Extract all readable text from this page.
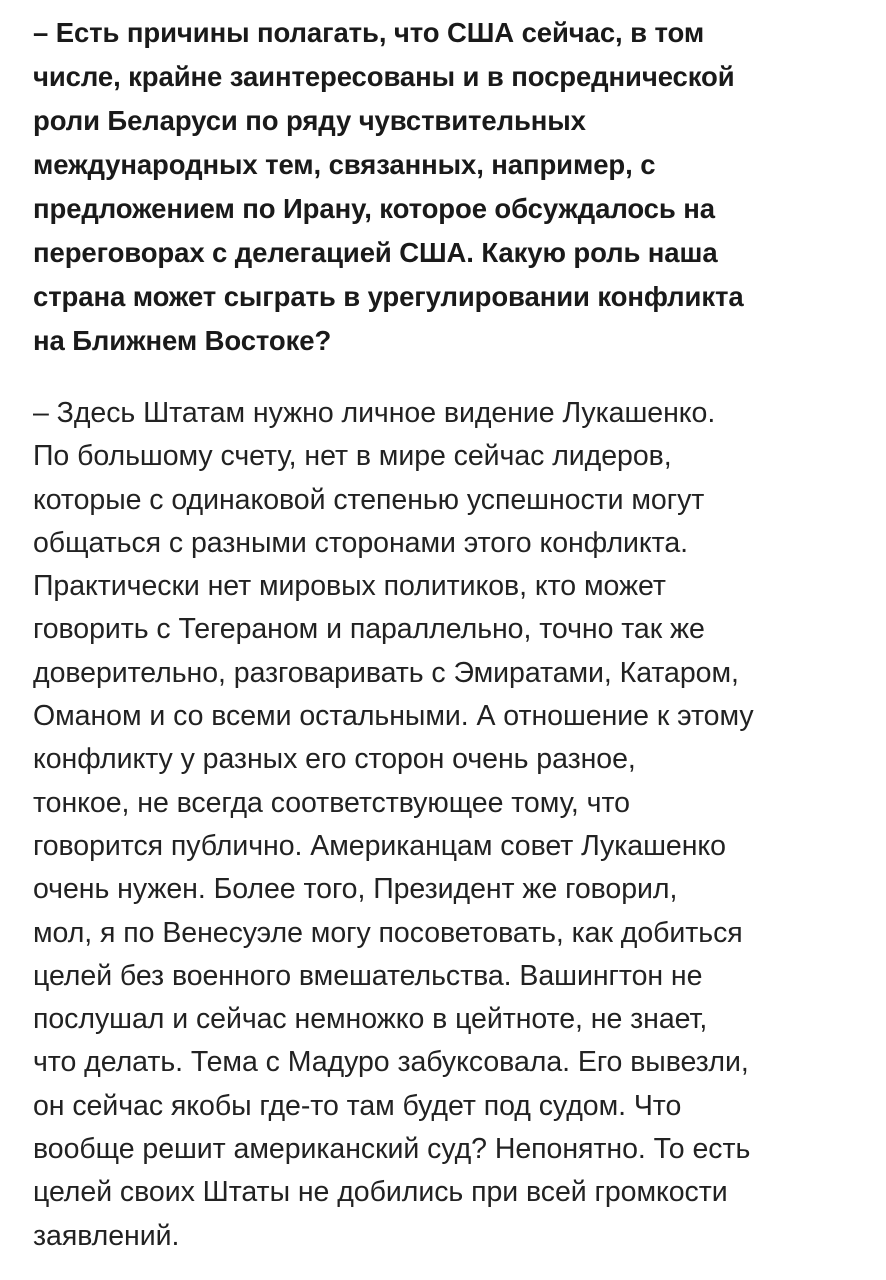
– Есть причины полагать, что США сейчас, в том
числе, крайне заинтересованы и в посреднической
роли Беларуси по ряду чувствительных
международных тем, связанных, например, с
предложением по Ирану, которое обсуждалось на
переговорах с делегацией США. Какую роль наша
страна может сыграть в урегулировании конфликта
на Ближнем Востоке?
– Здесь Штатам нужно личное видение Лукашенко.
По большому счету, нет в мире сейчас лидеров,
которые с одинаковой степенью успешности могут
общаться с разными сторонами этого конфликта.
Практически нет мировых политиков, кто может
говорить с Тегераном и параллельно, точно так же
доверительно, разговаривать с Эмиратами, Катаром,
Оманом и со всеми остальными. А отношение к этому
конфликту у разных его сторон очень разное,
тонкое, не всегда соответствующее тому, что
говорится публично. Американцам совет Лукашенко
очень нужен. Более того, Президент же говорил,
мол, я по Венесуэле могу посоветовать, как добиться
целей без военного вмешательства. Вашингтон не
послушал и сейчас немножко в цейтноте, не знает,
что делать. Тема с Мадуро забуксовала. Его вывезли,
он сейчас якобы где-то там будет под судом. Что
вообще решит американский суд? Непонятно. То есть
целей своих Штаты не добились при всей громкости
заявлений.
